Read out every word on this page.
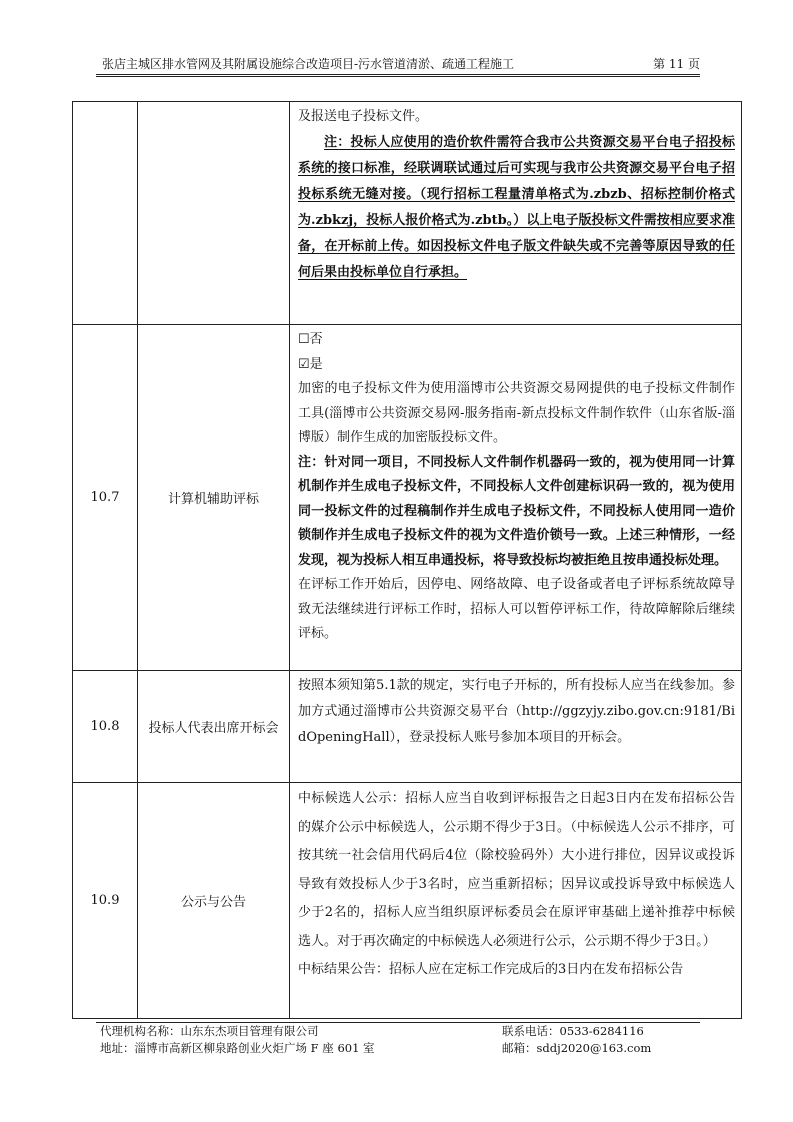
张店主城区排水管网及其附属设施综合改造项目-污水管道清淤、疏通工程施工	第 11 页

		及报送电子投标文件。

注：投标人应使用的造价软件需符合我市公共资源交易平台电子招投标系统的接口标准，经联调联试通过后可实现与我市公共资源交易平台电子招投标系统无缝对接。（现行招标工程量清单格式为.zbzb、招标控制价格式为.zbkzj，投标人报价格式为.zbtb。）以上电子版投标文件需按相应要求准备，在开标前上传。如因投标文件电子版文件缺失或不完善等原因导致的任何后果由投标单位自行承担。

10.7	计算机辅助评标	☐否

☑是

加密的电子投标文件为使用淄博市公共资源交易网提供的电子投标文件制作工具(淄博市公共资源交易网-服务指南-新点投标文件制作软件（山东省版-淄博版）制作生成的加密版投标文件。

注：针对同一项目，不同投标人文件制作机器码一致的，视为使用同一计算机制作并生成电子投标文件，不同投标人文件创建标识码一致的，视为使用同一投标文件的过程稿制作并生成电子投标文件，不同投标人使用同一造价锁制作并生成电子投标文件的视为文件造价锁号一致。上述三种情形，一经发现，视为投标人相互串通投标，将导致投标均被拒绝且按串通投标处理。

在评标工作开始后，因停电、网络故障、电子设备或者电子评标系统故障导致无法继续进行评标工作时，招标人可以暂停评标工作，待故障解除后继续评标。

10.8	投标人代表出席开标会	按照本须知第5.1款的规定，实行电子开标的，所有投标人应当在线参加。参加方式通过淄博市公共资源交易平台（http://ggzyjy.zibo.gov.cn:9181/BidOpeningHall），登录投标人账号参加本项目的开标会。

10.9	公示与公告	中标候选人公示：招标人应当自收到评标报告之日起3日内在发布招标公告的媒介公示中标候选人，公示期不得少于3日。（中标候选人公示不排序，可按其统一社会信用代码后4位（除校验码外）大小进行排位，因异议或投诉导致有效投标人少于3名时，应当重新招标；因异议或投诉导致中标候选人少于2名的，招标人应当组织原评标委员会在原评审基础上递补推荐中标候选人。对于再次确定的中标候选人必须进行公示，公示期不得少于3日。）

中标结果公告：招标人应在定标工作完成后的3日内在发布招标公告

代理机构名称：山东东杰项目管理有限公司	联系电话：0533-6284116
地址：淄博市高新区柳泉路创业火炬广场 F 座 601 室	邮箱：sddj2020@163.com
